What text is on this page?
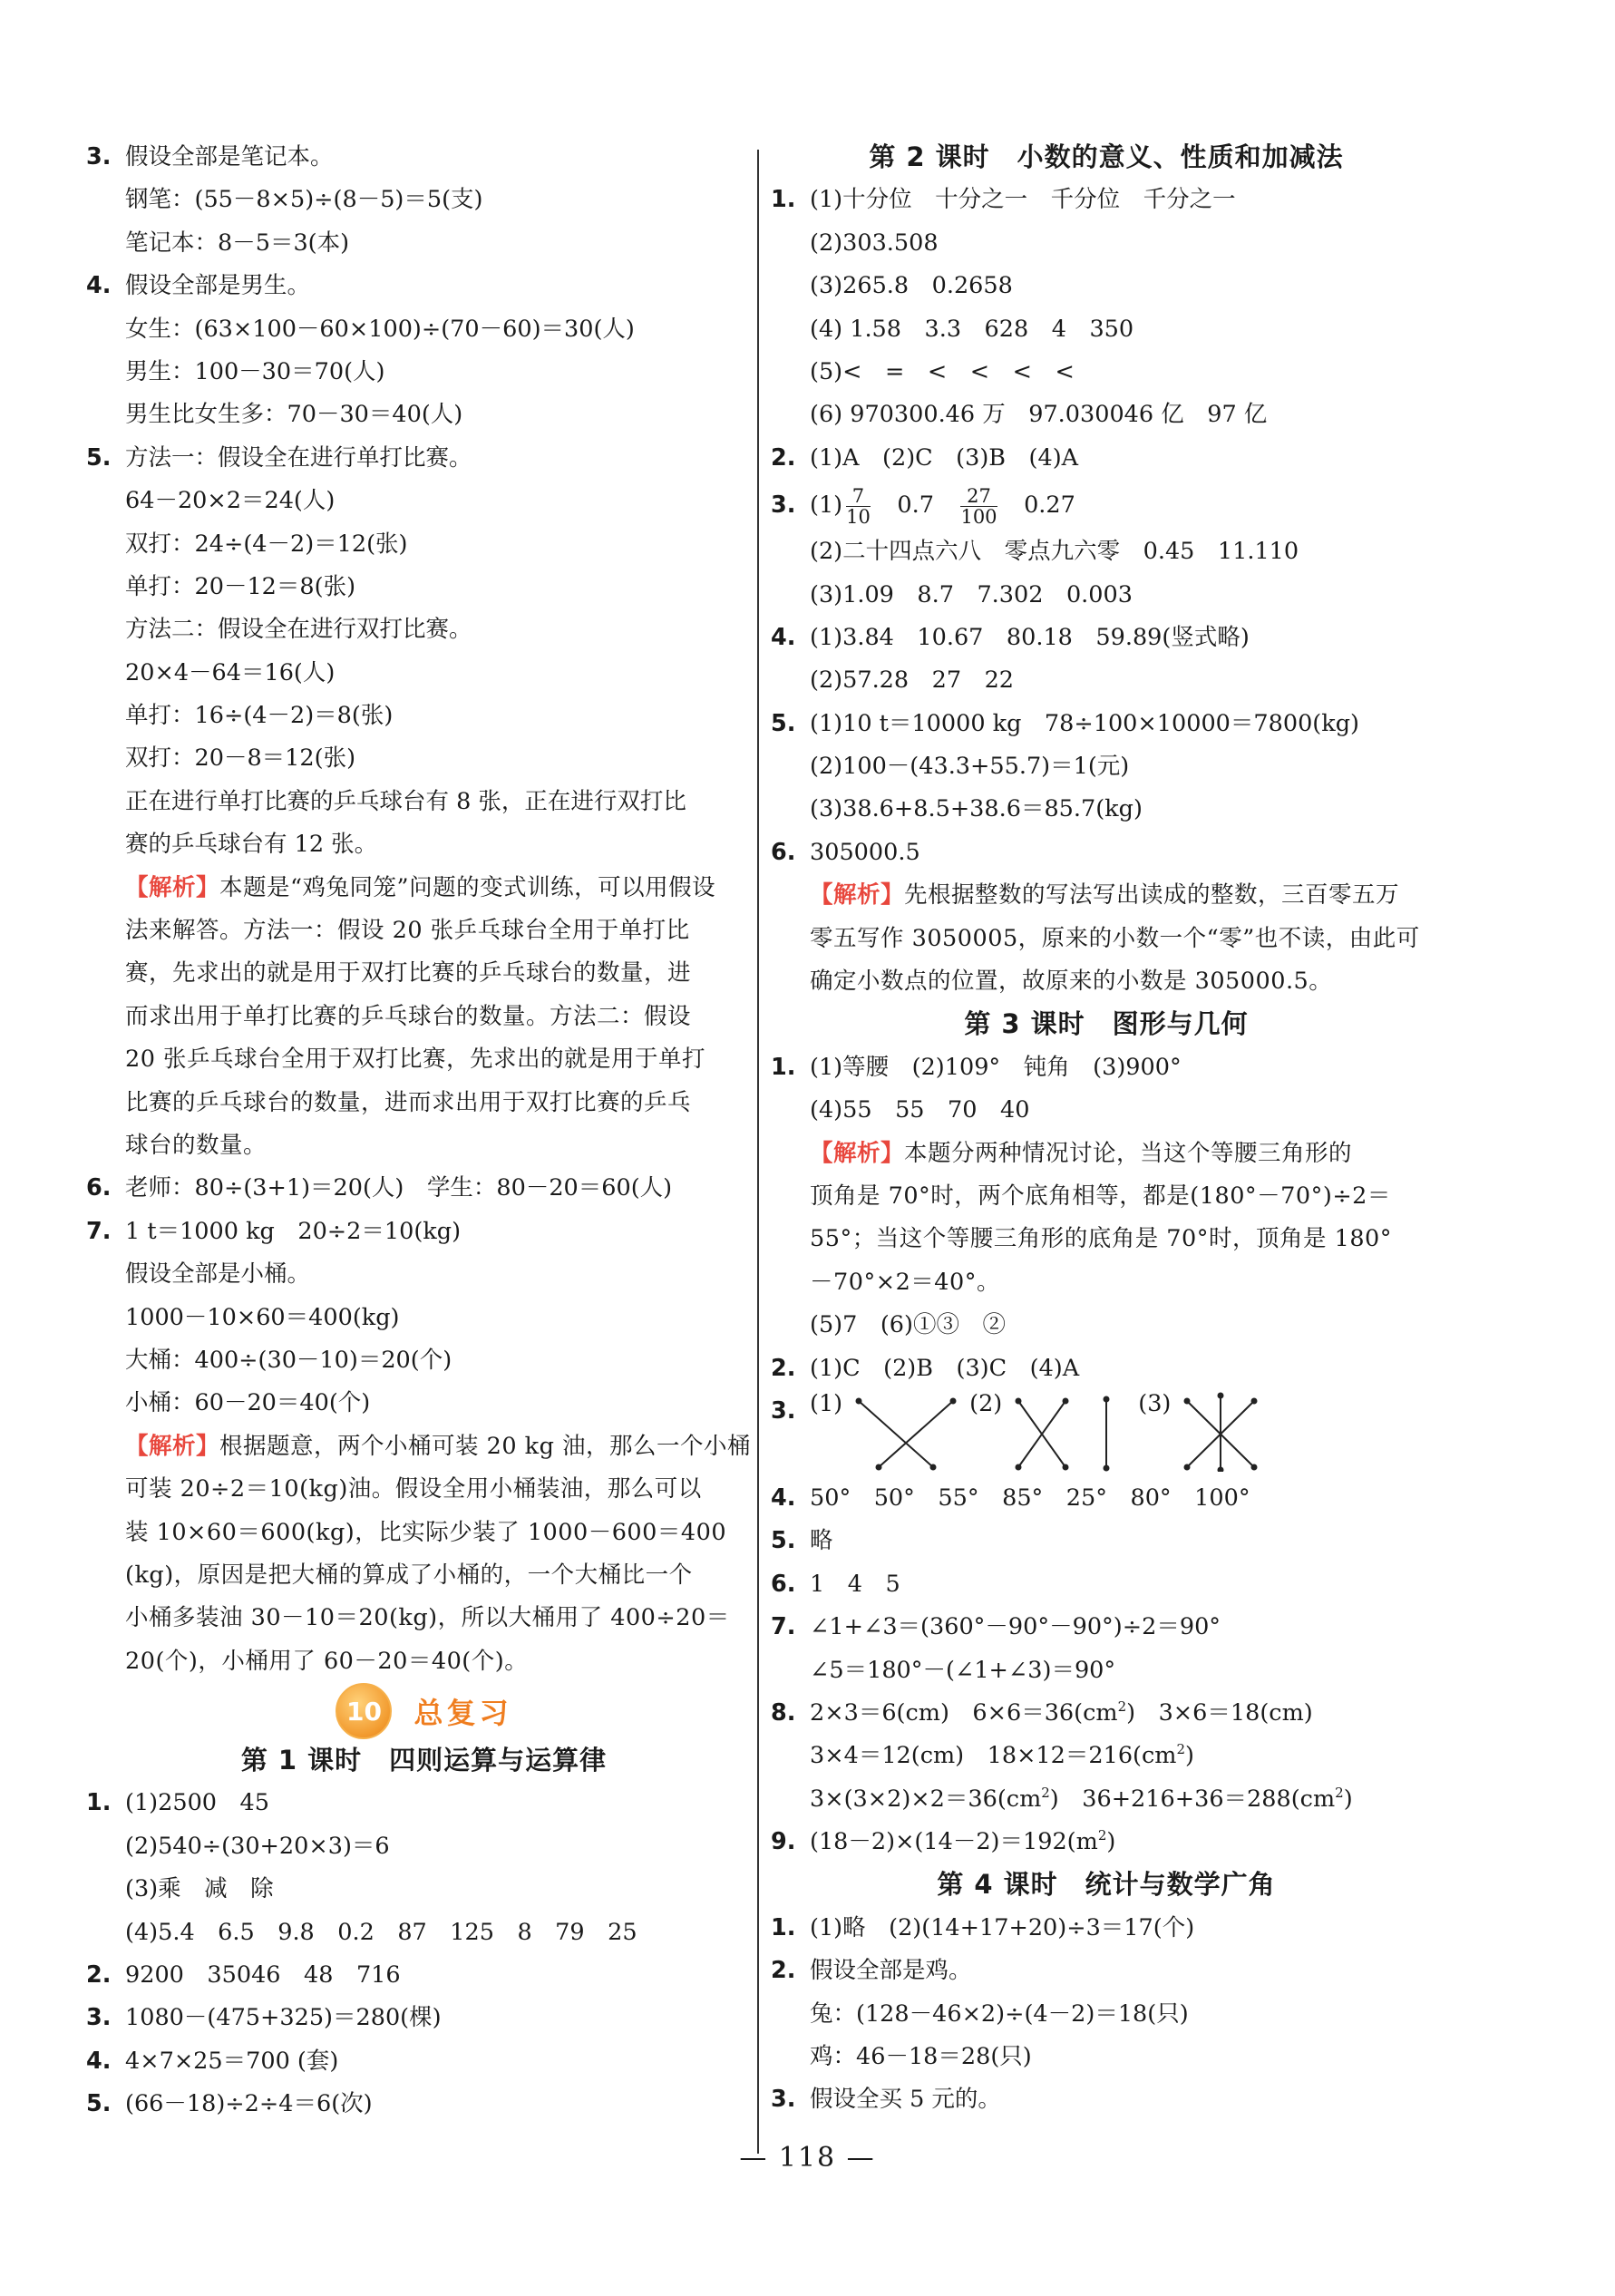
3. 假设全部是笔记本。
钢笔：(55－8×5)÷(8－5)＝5(支)
笔记本：8－5＝3(本)
4. 假设全部是男生。
女生：(63×100－60×100)÷(70－60)＝30(人)
男生：100－30＝70(人)
男生比女生多：70－30＝40(人)
5. 方法一：假设全在进行单打比赛。
64－20×2＝24(人)
双打：24÷(4－2)＝12(张)
单打：20－12＝8(张)
方法二：假设全在进行双打比赛。
20×4－64＝16(人)
单打：16÷(4－2)＝8(张)
双打：20－8＝12(张)
正在进行单打比赛的乒乓球台有 8 张，正在进行双打比
赛的乒乓球台有 12 张。
【解析】本题是“鸡兔同笼”问题的变式训练，可以用假设
法来解答。方法一：假设 20 张乒乓球台全用于单打比
赛，先求出的就是用于双打比赛的乒乓球台的数量，进
而求出用于单打比赛的乒乓球台的数量。方法二：假设
20 张乒乓球台全用于双打比赛，先求出的就是用于单打
比赛的乒乓球台的数量，进而求出用于双打比赛的乒乓
球台的数量。
6. 老师：80÷(3+1)＝20(人)　学生：80－20＝60(人)
7. 1 t＝1000 kg　20÷2＝10(kg)
假设全部是小桶。
1000－10×60＝400(kg)
大桶：400÷(30－10)＝20(个)
小桶：60－20＝40(个)
【解析】根据题意，两个小桶可装 20 kg 油，那么一个小桶
可装 20÷2＝10(kg)油。假设全用小桶装油，那么可以
装 10×60＝600(kg)，比实际少装了 1000－600＝400
(kg)，原因是把大桶的算成了小桶的，一个大桶比一个
小桶多装油 30－10＝20(kg)，所以大桶用了 400÷20＝
20(个)，小桶用了 60－20＝40(个)。
10	总复习
第 1 课时　四则运算与运算律
1. (1)2500　45
(2)540÷(30+20×3)＝6
(3)乘　减　除
(4)5.4　6.5　9.8　0.2　87　125　8　79　25
2. 9200　35046　48　716
3. 1080－(475+325)＝280(棵)
4. 4×7×25＝700 (套)
5. (66－18)÷2÷4＝6(次)
第 2 课时　小数的意义、性质和加减法
1. (1)十分位　十分之一　千分位　千分之一
(2)303.508
(3)265.8　0.2658
(4) 1.58　3.3　628　4　350
(5)<　=　<　<　<　<
(6) 970300.46 万　97.030046 亿　97 亿
2. (1)A　(2)C　(3)B　(4)A
3. $(1) \frac{7}{10}$
　 0.7　 $\frac{27}{100}$
　 0.27
(2)二十四点六八　零点九六零　0.45　11.110
(3)1.09　8.7　7.302　0.003
4. (1)3.84　10.67　80.18　59.89(竖式略)
(2)57.28　27　22
5. (1)10 t＝10000 kg　78÷100×10000＝7800(kg)
(2)100－(43.3+55.7)＝1(元)
(3)38.6+8.5+38.6＝85.7(kg)
6. 305000.5
【解析】先根据整数的写法写出读成的整数，三百零五万
零五写作 3050005，原来的小数一个“零”也不读，由此可
确定小数点的位置，故原来的小数是 305000.5。
第 3 课时　图形与几何
1. (1)等腰　(2)109°　钝角　(3)900°
(4)55　55　70　40
【解析】本题分两种情况讨论，当这个等腰三角形的
顶角是 70°时，两个底角相等，都是(180°－70°)÷2＝
55°；当这个等腰三角形的底角是 70°时，顶角是 180°
－70°×2＝40°。
(5)7　(6)①③　②
2. (1)C　(2)B　(3)C　(4)A
3. (1)	(2)	(3)
4. 50°　50°　55°　85°　25°　80°　100°
5. 略
6. 1　4　5
7. ∠1+∠3＝(360°－90°－90°)÷2＝90°
∠5＝180°－(∠1+∠3)＝90°
8. 2×3＝6(cm)　$6\times 6=36(cm^2)$　3×6＝18(cm)
3×4＝12(cm)　$18\times 12=216(cm^2)$
$3\times(3\times 2)\times 2=36(cm^2)$　$36+216+36=288(cm^2)$
9. $(18-2)\times(14-2)=192(m^2)$
第 4 课时　统计与数学广角
1. (1)略　(2)(14+17+20)÷3＝17(个)
2. 假设全部是鸡。
兔：(128－46×2)÷(4－2)＝18(只)
鸡：46－18＝28(只)
3. 假设全买 5 元的。
— 118 —
